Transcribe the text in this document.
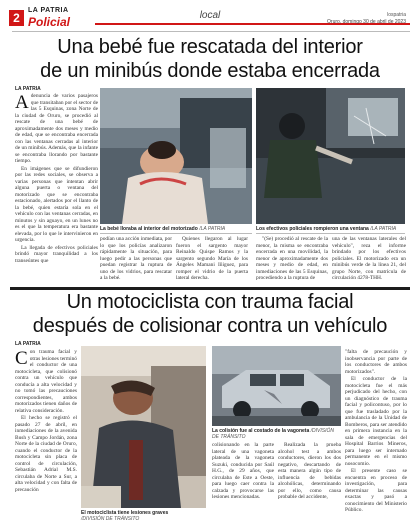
2
LA PATRIA
Policial	local	lospatria
Oruro, domingo 30 de abril de 2023
Una bebé fue rescatada del interior
de un minibús donde estaba encerrada
LA PATRIA
A denuncia de varios pasajeros que transitaban por el sector de las 5 Esquinas, zona Norte de la ciudad de Oruro, se procedió al rescate de una bebé de aproximadamente dos meses y medio de edad, que se encontraba encerrada con las ventanas cerradas al interior de un minibús. Además, que la infante se encontraba llorando por bastante tiempo.

En imágenes que se difundieron por las redes sociales, se observa a varias personas que intentan abrir alguna puerta o ventana del motorizado que se encontraba estacionado, alertados por el llanto de la bebé, quien estaría sola en el vehículo con las ventanas cerradas, en minutos y sin aguayo, en un lunes no es el que la temperatura era bastante elevada, por lo que le intervinieron en urgencia.

La llegada de efectivos policiales brindó mayor tranquilidad a los transeúntes que

La bebé lloraba al interior del motorizado /LA PATRIA	Los efectivos policiales rompieron una ventana /LA PATRIA

podían una acción inmediata, por lo que los policías analizaron rápidamente la situación, para luego pedir a las personas que puedan registrar la ruptura de uno de los vidrios, para rescatar a la bebé.

Quienes llegaron al lugar fueron el sargento mayor Reinaldo Quispe Ramos y la sargento segundo María de los Ángeles Mamani Iñiguez, para romper el vidrio de la puerta lateral derecha.

"(Se) procedió al rescate de la menor, la misma se encontraba encerrada en una movilidad, la menor de aproximadamente dos meses y medio de edad, en inmediaciones de las 5 Esquinas, procediendo a la ruptura de

una de las ventanas laterales del vehículo", reza el informe brindado por los efectivos policiales. El motorizado era un minibús verde de la línea 21, del grupo Norte, con matrícula de circulación 4278-THH.

Un motociclista con trauma facial
después de colisionar contra un vehículo
LA PATRIA
C on trauma facial y otras lesiones terminó el conductor de una motocicleta, que colisionó contra un vehículo que conducía a alta velocidad y no tomó las precauciones correspondientes, ambos motorizados tienen daños de relativa consideración.

El hecho se registró el pasado 27 de abril, en inmediaciones de la avenida Bush y Campo Jordán, zona Norte de la ciudad de Oruro, cuando el conductor de la motocicleta sin placa de control de circulación, Sebastián Adrial M.S. circulaba de Norte a Sur, a alta velocidad y con falta de precaución

El motociclista tiene lesiones graves
/DIVISIÓN DE TRÁNSITO
La colisión fue al costado de la vagoneta /DIVISIÓN DE TRÁNSITO

colisionando en la parte lateral de una vagoneta plateada de la vagoneta Suzuki, conducida por Saúl H.G., de 29 años, que circulaba de Este a Oeste, para luego caer contra la calzada y provocarse las lesiones mencionadas.

Realizada la prueba alcohol test a ambos conductores, dieron los dos negativo, descartando de esta manera algún tipo de influencia de bebidas alcohólicas, determinando por ello, como causa probable del accidente,

"falta de precaución y inobservancia por parte de los conductores de ambos motorizados".

El conductor de la motocicleta fue el más perjudicado del hecho, con un diagnóstico de trauma facial y policontuso, por lo que fue trasladado por la ambulancia de la Unidad de Bomberos, para ser atendido en primera instancia en la sala de emergencias del Hospital Barrios Mineros, para luego ser internado permanente en el mismo nosocomio.

El presente caso se encuentra en proceso de investigación, para determinar las causas exactas y pasó a conocimiento del Ministerio Público.
